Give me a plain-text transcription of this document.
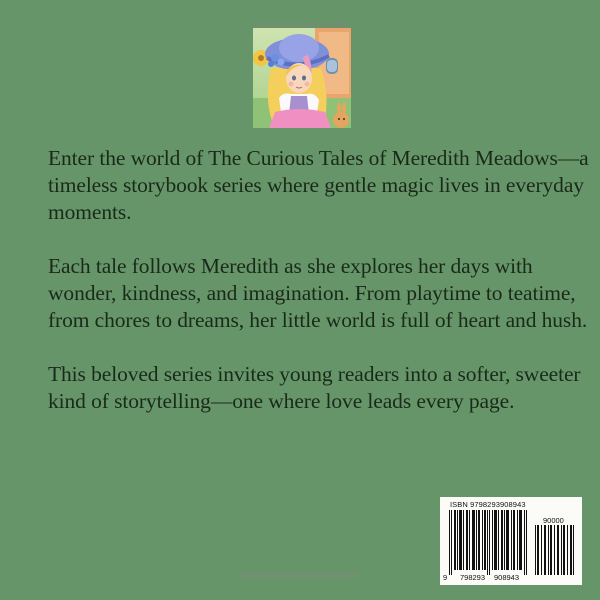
Enter the world of The Curious Tales of Meredith Meadows—a timeless storybook series where gentle magic lives in everyday moments.

Each tale follows Meredith as she explores her days with wonder, kindness, and imagination. From playtime to teatime, from chores to dreams, her little world is full of heart and hush.

This beloved series invites young readers into a softer, sweeter kind of storytelling—one where love leads every page.

ISBN 9798293908943
90000
9 798293 908943
